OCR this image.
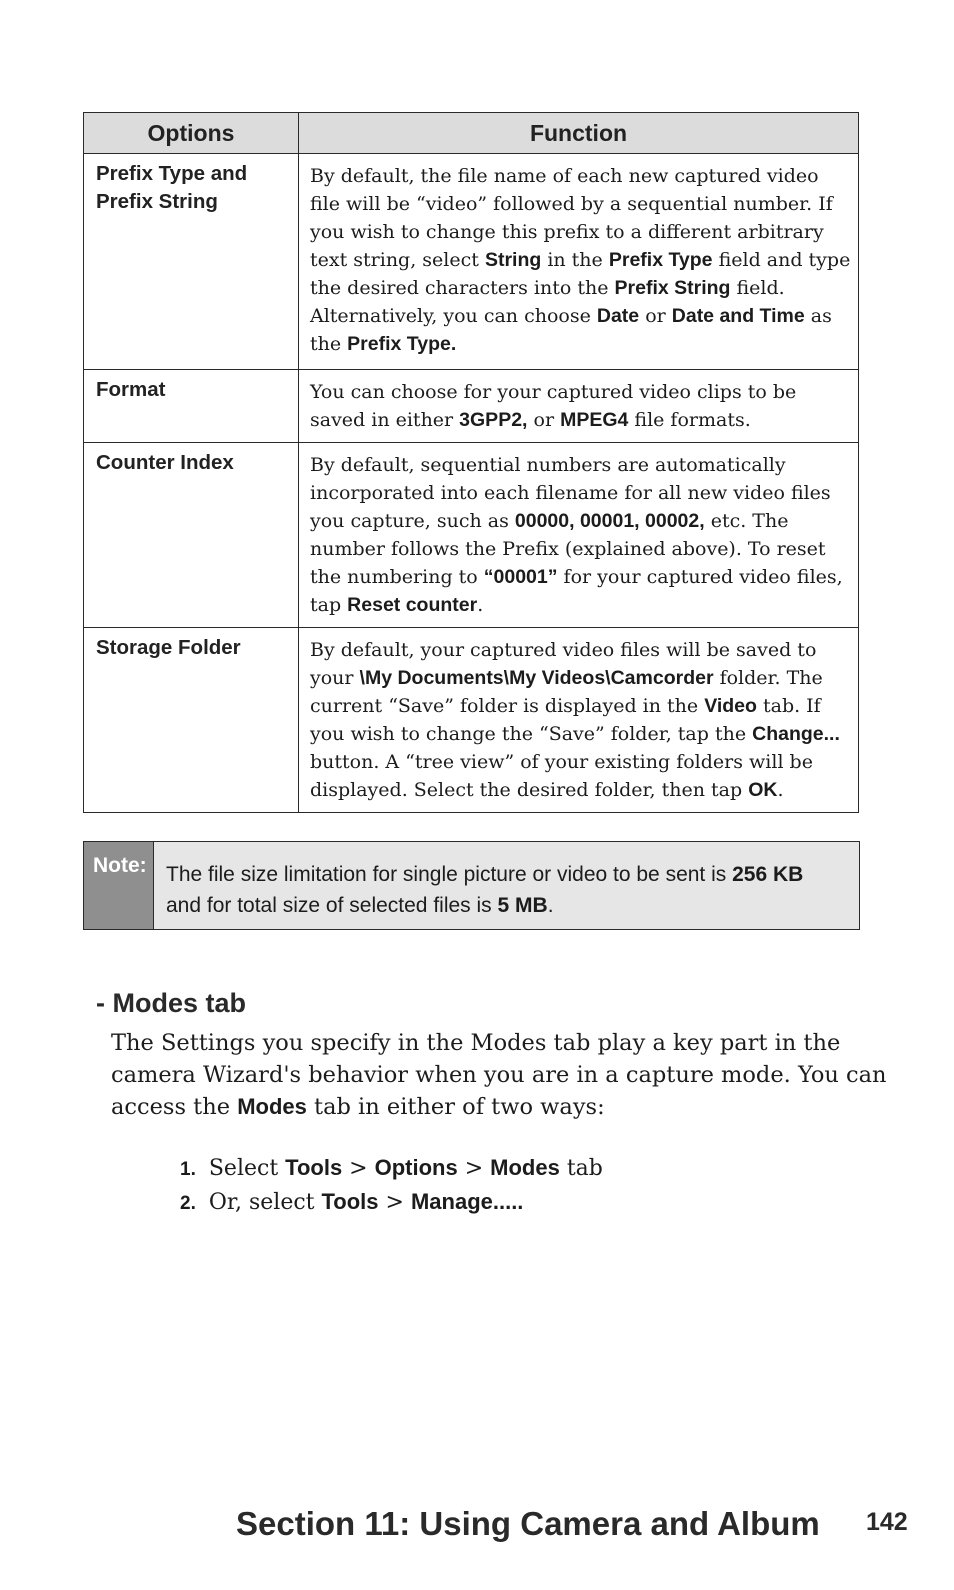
Options	Function
Prefix Type and
Prefix String	By default, the file name of each new captured video file will be “video” followed by a sequential number. If you wish to change this prefix to a different arbitrary text string, select String in the Prefix Type field and type the desired characters into the Prefix String field. Alternatively, you can choose Date or Date and Time as the Prefix Type.
Format	You can choose for your captured video clips to be saved in either 3GPP2, or MPEG4 file formats.
Counter Index	By default, sequential numbers are automatically incorporated into each filename for all new video files you capture, such as 00000, 00001, 00002, etc. The number follows the Prefix (explained above). To reset the numbering to “00001” for your captured video files, tap Reset counter.
Storage Folder	By default, your captured video files will be saved to your \My Documents\My Videos\Camcorder folder. The current “Save” folder is displayed in the Video tab. If you wish to change the “Save” folder, tap the Change... button. A “tree view” of your existing folders will be displayed. Select the desired folder, then tap OK.
Note: The file size limitation for single picture or video to be sent is 256 KB and for total size of selected files is 5 MB.
- Modes tab

The Settings you specify in the Modes tab play a key part in the camera Wizard's behavior when you are in a capture mode. You can access the Modes tab in either of two ways:

1. Select Tools > Options > Modes tab
2. Or, select Tools > Manage.....
Section 11: Using Camera and Album 142
